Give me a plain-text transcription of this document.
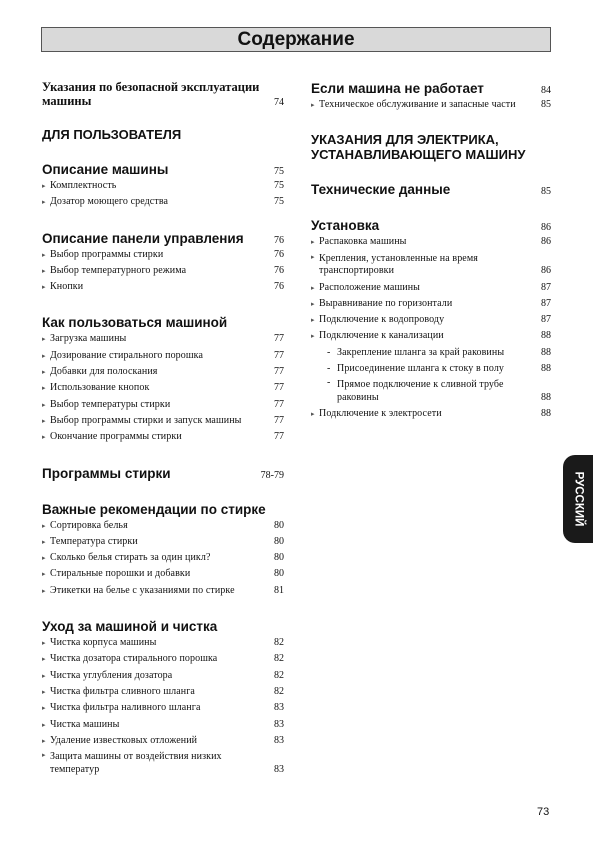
Содержание
Указания по безопасной эксплуатации машины	74
ДЛЯ ПОЛЬЗОВАТЕЛЯ
Описание машины	75
▸ Комплектность	75
▸ Дозатор моющего средства	75
Описание панели управления	76
▸ Выбор программы стирки	76
▸ Выбор температурного режима	76
▸ Кнопки	76
Как пользоваться машиной
▸ Загрузка машины	77
▸ Дозирование стирального порошка	77
▸ Добавки для полоскания	77
▸ Использование кнопок	77
▸ Выбор температуры стирки	77
▸ Выбор программы стирки и запуск машины	77
▸ Окончание программы стирки	77
Программы стирки	78-79
Важные рекомендации по стирке
▸ Сортировка белья	80
▸ Температура стирки	80
▸ Сколько белья стирать за один цикл?	80
▸ Стиральные порошки и добавки	80
▸ Этикетки на белье с указаниями по стирке	81
Уход за машиной и чистка
▸ Чистка корпуса машины	82
▸ Чистка дозатора стирального порошка	82
▸ Чистка углубления дозатора	82
▸ Чистка фильтра сливного шланга	82
▸ Чистка фильтра наливного шланга	83
▸ Чистка машины	83
▸ Удаление известковых отложений	83
▸ Защита машины от воздействия низких температур	83
Если машина не работает	84
▸ Техническое обслуживание и запасные части	85
УКАЗАНИЯ ДЛЯ ЭЛЕКТРИКА, УСТАНАВЛИВАЮЩЕГО МАШИНУ
Технические данные	85
Установка	86
▸ Распаковка машины	86
▸ Крепления, установленные на время транспортировки	86
▸ Расположение машины	87
▸ Выравнивание по горизонтали	87
▸ Подключение к водопроводу	87
▸ Подключение к канализации	88
- Закрепление шланга за край раковины	88
- Присоединение шланга к стоку в полу	88
- Прямое подключение к сливной трубе раковины	88
▸ Подключение к электросети	88
РУССКИЙ
73
